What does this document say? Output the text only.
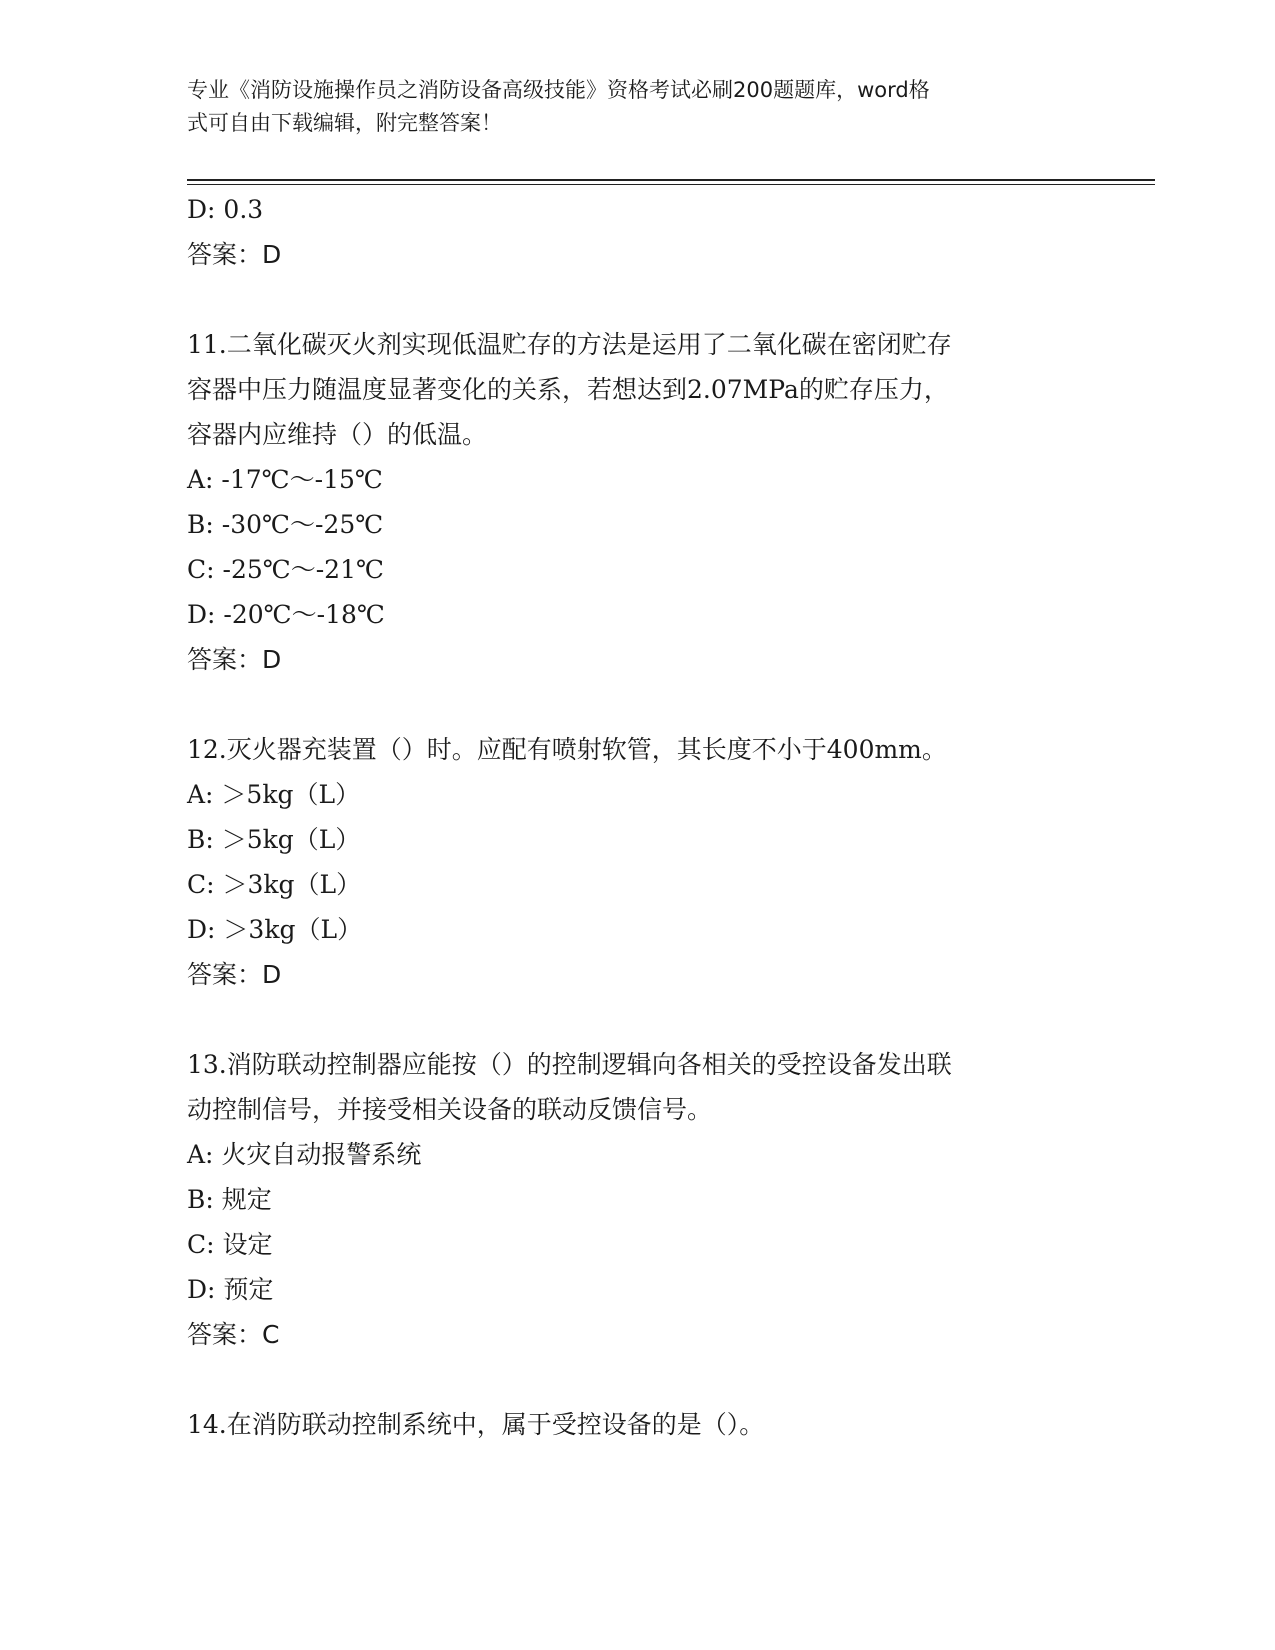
专业《消防设施操作员之消防设备高级技能》资格考试必刷200题题库，word格
式可自由下载编辑，附完整答案！
D: 0.3
答案：D
11.二氧化碳灭火剂实现低温贮存的方法是运用了二氧化碳在密闭贮存
容器中压力随温度显著变化的关系，若想达到2.07MPa的贮存压力，
容器内应维持（）的低温。
A: -17℃～-15℃
B: -30℃～-25℃
C: -25℃～-21℃
D: -20℃～-18℃
答案：D
12.灭火器充装置（）时。应配有喷射软管，其长度不小于400mm。
A: ＞5kg（L）
B: ＞5kg（L）
C: ＞3kg（L）
D: ＞3kg（L）
答案：D
13.消防联动控制器应能按（）的控制逻辑向各相关的受控设备发出联
动控制信号，并接受相关设备的联动反馈信号。
A: 火灾自动报警系统
B: 规定
C: 设定
D: 预定
答案：C
14.在消防联动控制系统中，属于受控设备的是（）。
